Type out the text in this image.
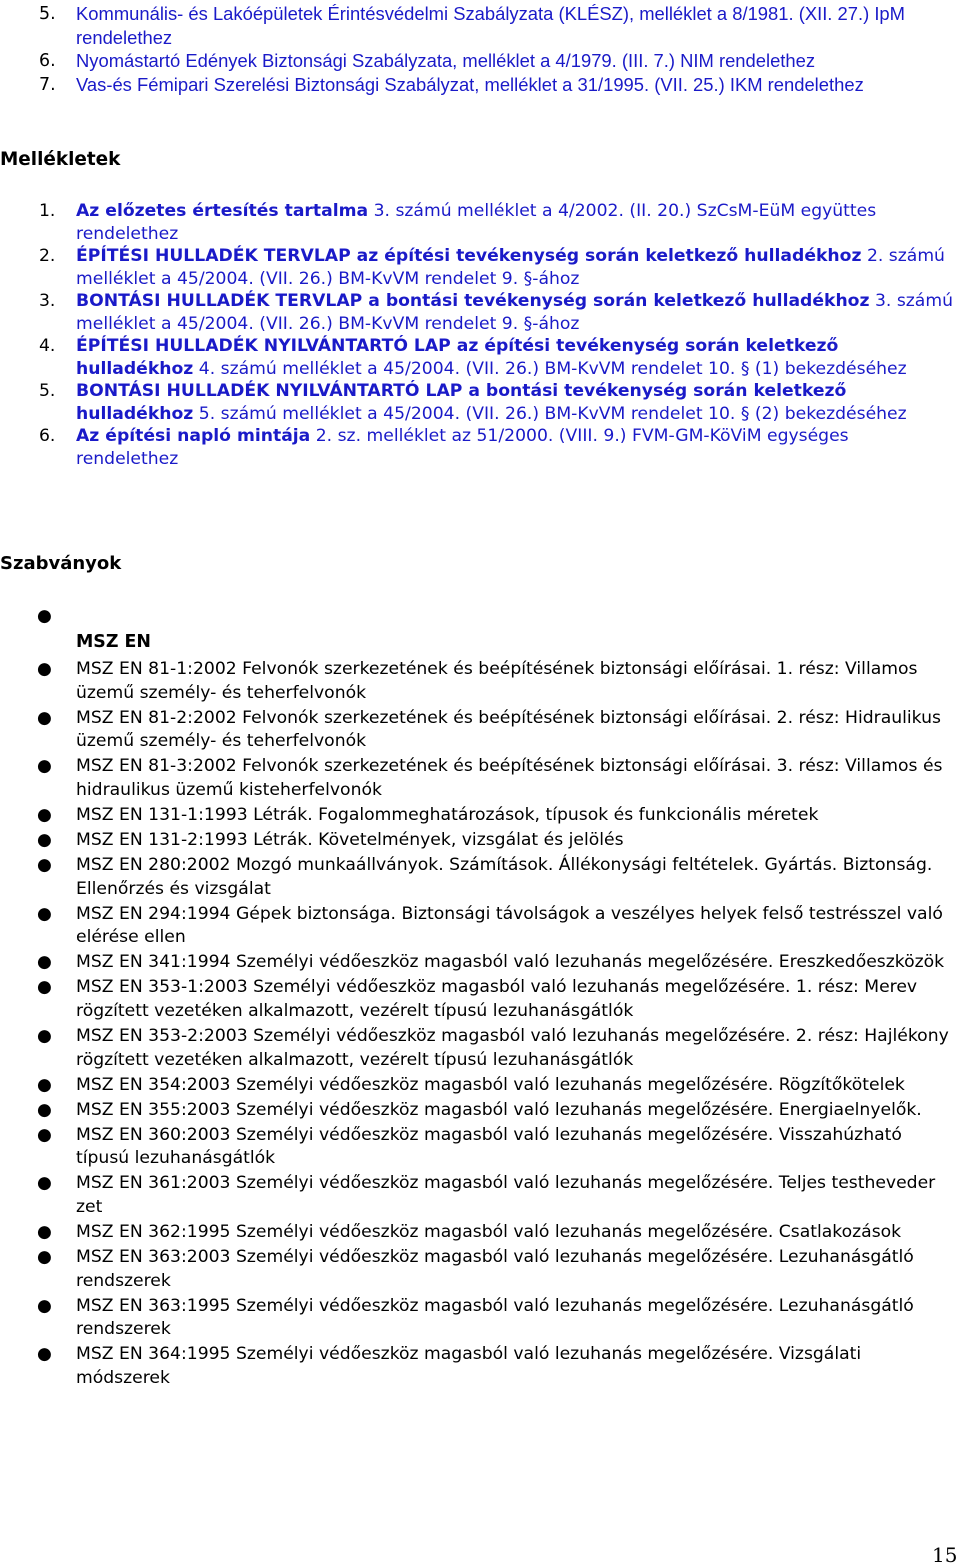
5. Kommunális- és Lakóépületek Érintésvédelmi Szabályzata (KLÉSZ), melléklet a 8/1981. (XII. 27.) IpM rendelethez
6. Nyomástartó Edények Biztonsági Szabályzata, melléklet a 4/1979. (III. 7.) NIM rendelethez
7. Vas-és Fémipari Szerelési Biztonsági Szabályzat, melléklet a 31/1995. (VII. 25.) IKM rendelethez
Mellékletek
1. Az előzetes értesítés tartalma 3. számú melléklet a 4/2002. (II. 20.) SzCsM-EüM együttes rendelethez
2. ÉPÍTÉSI HULLADÉK TERVLAP az építési tevékenység során keletkező hulladékhoz 2. számú melléklet a 45/2004. (VII. 26.) BM-KvVM rendelet 9. §-ához
3. BONTÁSI HULLADÉK TERVLAP a bontási tevékenység során keletkező hulladékhoz 3. számú melléklet a 45/2004. (VII. 26.) BM-KvVM rendelet 9. §-ához
4. ÉPÍTÉSI HULLADÉK NYILVÁNTARTÓ LAP az építési tevékenység során keletkező hulladékhoz 4. számú melléklet a 45/2004. (VII. 26.) BM-KvVM rendelet 10. § (1) bekezdéséhez
5. BONTÁSI HULLADÉK NYILVÁNTARTÓ LAP a bontási tevékenység során keletkező hulladékhoz 5. számú melléklet a 45/2004. (VII. 26.) BM-KvVM rendelet 10. § (2) bekezdéséhez
6. Az építési napló mintája 2. sz. melléklet az 51/2000. (VIII. 9.) FVM-GM-KöViM egységes rendelethez
Szabványok
MSZ EN
●
● MSZ EN 81-1:2002 Felvonók szerkezetének és beépítésének biztonsági előírásai. 1. rész: Villamos üzemű személy- és teherfelvonók
● MSZ EN 81-2:2002 Felvonók szerkezetének és beépítésének biztonsági előírásai. 2. rész: Hidraulikus üzemű személy- és teherfelvonók
● MSZ EN 81-3:2002 Felvonók szerkezetének és beépítésének biztonsági előírásai. 3. rész: Villamos és hidraulikus üzemű kisteherfelvonók
● MSZ EN 131-1:1993 Létrák. Fogalommeghatározások, típusok és funkcionális méretek
● MSZ EN 131-2:1993 Létrák. Követelmények, vizsgálat és jelölés
● MSZ EN 280:2002 Mozgó munkaállványok. Számítások. Állékonysági feltételek. Gyártás. Biztonság. Ellenőrzés és vizsgálat
● MSZ EN 294:1994 Gépek biztonsága. Biztonsági távolságok a veszélyes helyek felső testrésszel való elérése ellen
● MSZ EN 341:1994 Személyi védőeszköz magasból való lezuhanás megelőzésére. Ereszkedőeszközök
● MSZ EN 353-1:2003 Személyi védőeszköz magasból való lezuhanás megelőzésére. 1. rész: Merev rögzített vezetéken alkalmazott, vezérelt típusú lezuhanásgátlók
● MSZ EN 353-2:2003 Személyi védőeszköz magasból való lezuhanás megelőzésére. 2. rész: Hajlékony rögzített vezetéken alkalmazott, vezérelt típusú lezuhanásgátlók
● MSZ EN 354:2003 Személyi védőeszköz magasból való lezuhanás megelőzésére. Rögzítőkötelek
● MSZ EN 355:2003 Személyi védőeszköz magasból való lezuhanás megelőzésére. Energiaelnyelők.
● MSZ EN 360:2003 Személyi védőeszköz magasból való lezuhanás megelőzésére. Visszahúzható típusú lezuhanásgátlók
● MSZ EN 361:2003 Személyi védőeszköz magasból való lezuhanás megelőzésére. Teljes testheveder zet
● MSZ EN 362:1995 Személyi védőeszköz magasból való lezuhanás megelőzésére. Csatlakozások
● MSZ EN 363:2003 Személyi védőeszköz magasból való lezuhanás megelőzésére. Lezuhanásgátló rendszerek
● MSZ EN 363:1995 Személyi védőeszköz magasból való lezuhanás megelőzésére. Lezuhanásgátló rendszerek
● MSZ EN 364:1995 Személyi védőeszköz magasból való lezuhanás megelőzésére. Vizsgálati módszerek
15
